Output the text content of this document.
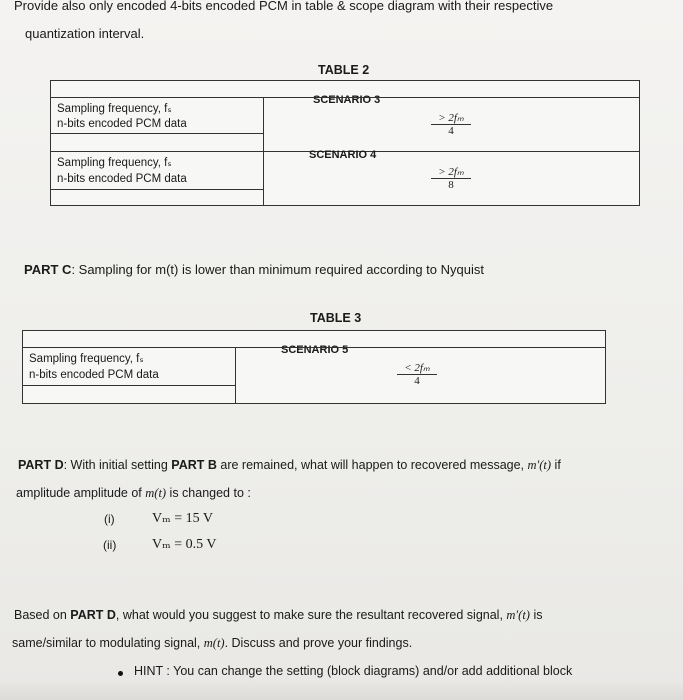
Provide also only encoded 4-bits encoded PCM in table & scope diagram with their respective
quantization interval.
TABLE 2
SCENARIO 3
Sampling frequency, fₛ
n-bits encoded PCM data	$\frac{\text{> 2fₘ}}{4}$
SCENARIO 4
Sampling frequency, fₛ
n-bits encoded PCM data	$\frac{\text{> 2fₘ}}{8}$
PART C: Sampling for m(t) is lower than minimum required according to Nyquist
TABLE 3
SCENARIO 5
Sampling frequency, fₛ
n-bits encoded PCM data	$\frac{\text{< 2fₘ}}{4}$
PART D: With initial setting PART B are remained, what will happen to recovered message, m′(t) if
amplitude amplitude of m(t) is changed to :
(i)	Vₘ = 15 V
(ii)	Vₘ = 0.5 V
Based on PART D, what would you suggest to make sure the resultant recovered signal, m′(t) is
same/similar to modulating signal, m(t). Discuss and prove your findings.
HINT : You can change the setting (block diagrams) and/or add additional block
